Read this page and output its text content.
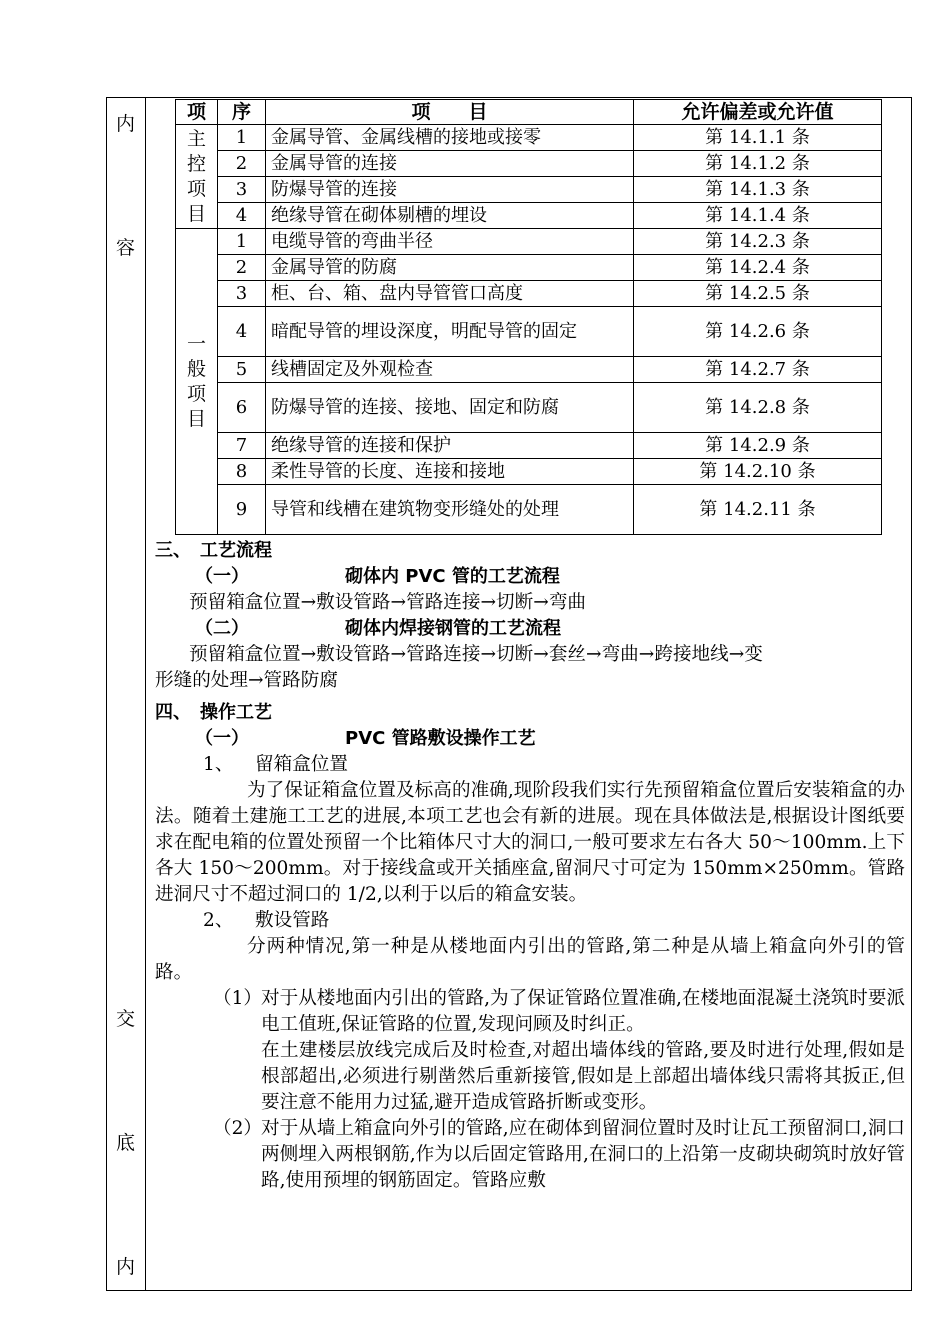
内
容
交
底
内
项	序	项　　目	允许偏差或允许值

主
控
项
目	1	金属导管、金属线槽的接地或接零	第 14.1.1 条
	2	金属导管的连接	第 14.1.2 条
	3	防爆导管的连接	第 14.1.3 条
	4	绝缘导管在砌体剔槽的埋设	第 14.1.4 条

一
般
项
目	1	电缆导管的弯曲半径	第 14.2.3 条
	2	金属导管的防腐	第 14.2.4 条
	3	柜、台、箱、盘内导管管口高度	第 14.2.5 条
	4	暗配导管的埋设深度，明配导管的固定	第 14.2.6 条
	5	线槽固定及外观检查	第 14.2.7 条
	6	防爆导管的连接、接地、固定和防腐	第 14.2.8 条
	7	绝缘导管的连接和保护	第 14.2.9 条
	8	柔性导管的长度、连接和接地	第 14.2.10 条
	9	导管和线槽在建筑物变形缝处的处理	第 14.2.11 条

三、　工艺流程

（一）	砌体内 PVC 管的工艺流程

预留箱盒位置→敷设管路→管路连接→切断→弯曲

（二）	砌体内焊接钢管的工艺流程

预留箱盒位置→敷设管路→管路连接→切断→套丝→弯曲→跨接地线→变

形缝的处理→管路防腐

四、　操作工艺

（一）	PVC 管路敷设操作工艺

1、 留箱盒位置

为了保证箱盒位置及标高的准确,现阶段我们实行先预留箱盒位置后安装箱盒的办法。随着土建施工工艺的进展,本项工艺也会有新的进展。现在具体做法是,根据设计图纸要求在配电箱的位置处预留一个比箱体尺寸大的洞口,一般可要求左右各大 50～100mm.上下各大 150～200mm。对于接线盒或开关插座盒,留洞尺寸可定为 150mm×250mm。管路进洞尺寸不超过洞口的 1/2,以利于以后的箱盒安装。

2、 敷设管路

分两种情况,第一种是从楼地面内引出的管路,第二种是从墙上箱盒向外引的管路。

（1）对于从楼地面内引出的管路,为了保证管路位置准确,在楼地面混凝土浇筑时要派电工值班,保证管路的位置,发现问顾及时纠正。

在土建楼层放线完成后及时检查,对超出墙体线的管路,要及时进行处理,假如是根部超出,必须进行剔凿然后重新接管,假如是上部超出墙体线只需将其扳正,但要注意不能用力过猛,避开造成管路折断或变形。

（2）对于从墙上箱盒向外引的管路,应在砌体到留洞位置时及时让瓦工预留洞口,洞口两侧埋入两根钢筋,作为以后固定管路用,在洞口的上沿第一皮砌块砌筑时放好管路,使用预埋的钢筋固定。管路应敷
